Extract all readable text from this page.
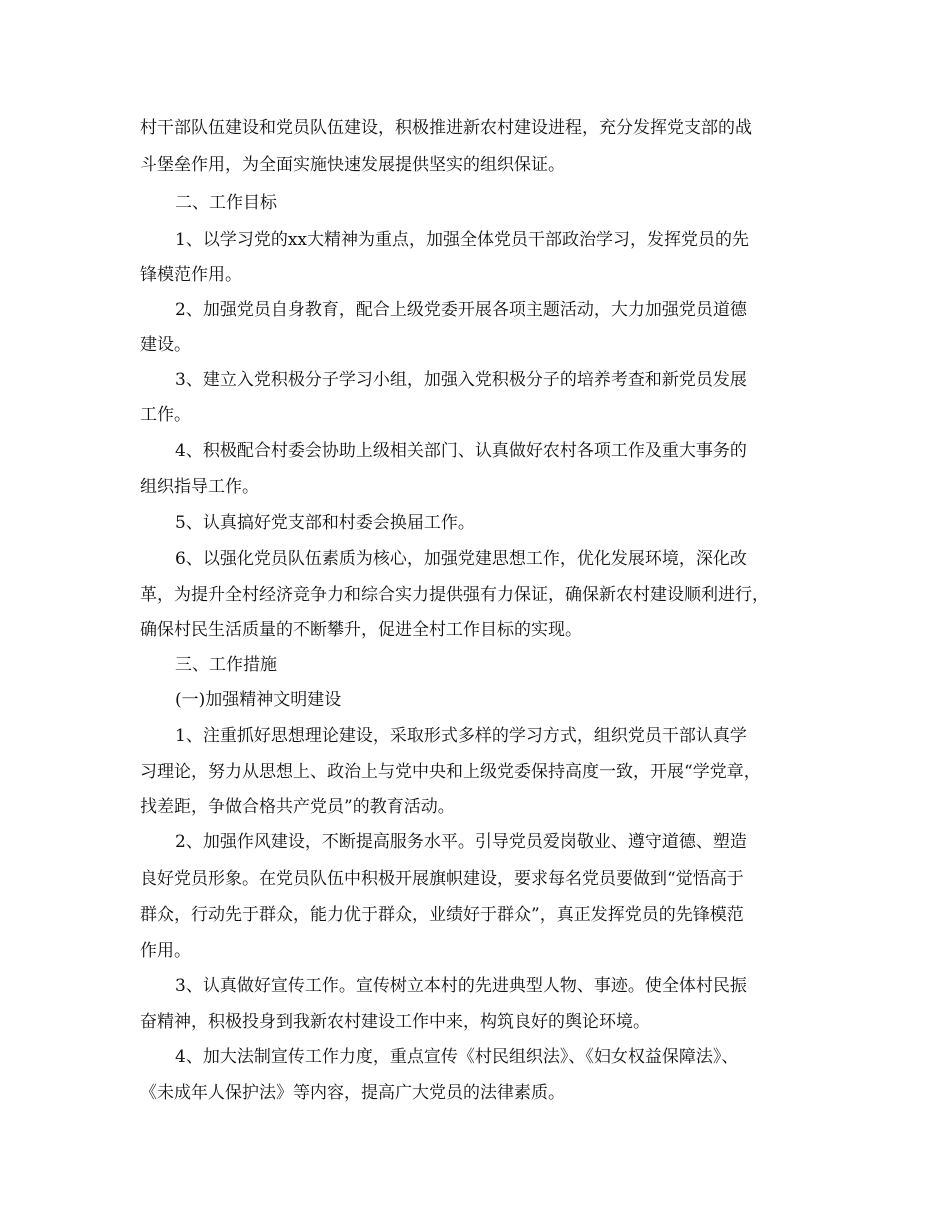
村干部队伍建设和党员队伍建设，积极推进新农村建设进程，充分发挥党支部的战
斗堡垒作用，为全面实施快速发展提供坚实的组织保证。
二、工作目标
1、以学习党的xx大精神为重点，加强全体党员干部政治学习，发挥党员的先
锋模范作用。
2、加强党员自身教育，配合上级党委开展各项主题活动，大力加强党员道德
建设。
3、建立入党积极分子学习小组，加强入党积极分子的培养考查和新党员发展
工作。
4、积极配合村委会协助上级相关部门、认真做好农村各项工作及重大事务的
组织指导工作。
5、认真搞好党支部和村委会换届工作。
6、以强化党员队伍素质为核心，加强党建思想工作，优化发展环境，深化改
革，为提升全村经济竞争力和综合实力提供强有力保证，确保新农村建设顺利进行，
确保村民生活质量的不断攀升，促进全村工作目标的实现。
三、工作措施
(一)加强精神文明建设
1、注重抓好思想理论建设，采取形式多样的学习方式，组织党员干部认真学
习理论，努力从思想上、政治上与党中央和上级党委保持高度一致，开展“学党章，
找差距，争做合格共产党员”的教育活动。
2、加强作风建设，不断提高服务水平。引导党员爱岗敬业、遵守道德、塑造
良好党员形象。在党员队伍中积极开展旗帜建设，要求每名党员要做到“觉悟高于
群众，行动先于群众，能力优于群众，业绩好于群众”，真正发挥党员的先锋模范
作用。
3、认真做好宣传工作。宣传树立本村的先进典型人物、事迹。使全体村民振
奋精神，积极投身到我新农村建设工作中来，构筑良好的舆论环境。
4、加大法制宣传工作力度，重点宣传《村民组织法》、《妇女权益保障法》、
《未成年人保护法》等内容，提高广大党员的法律素质。
